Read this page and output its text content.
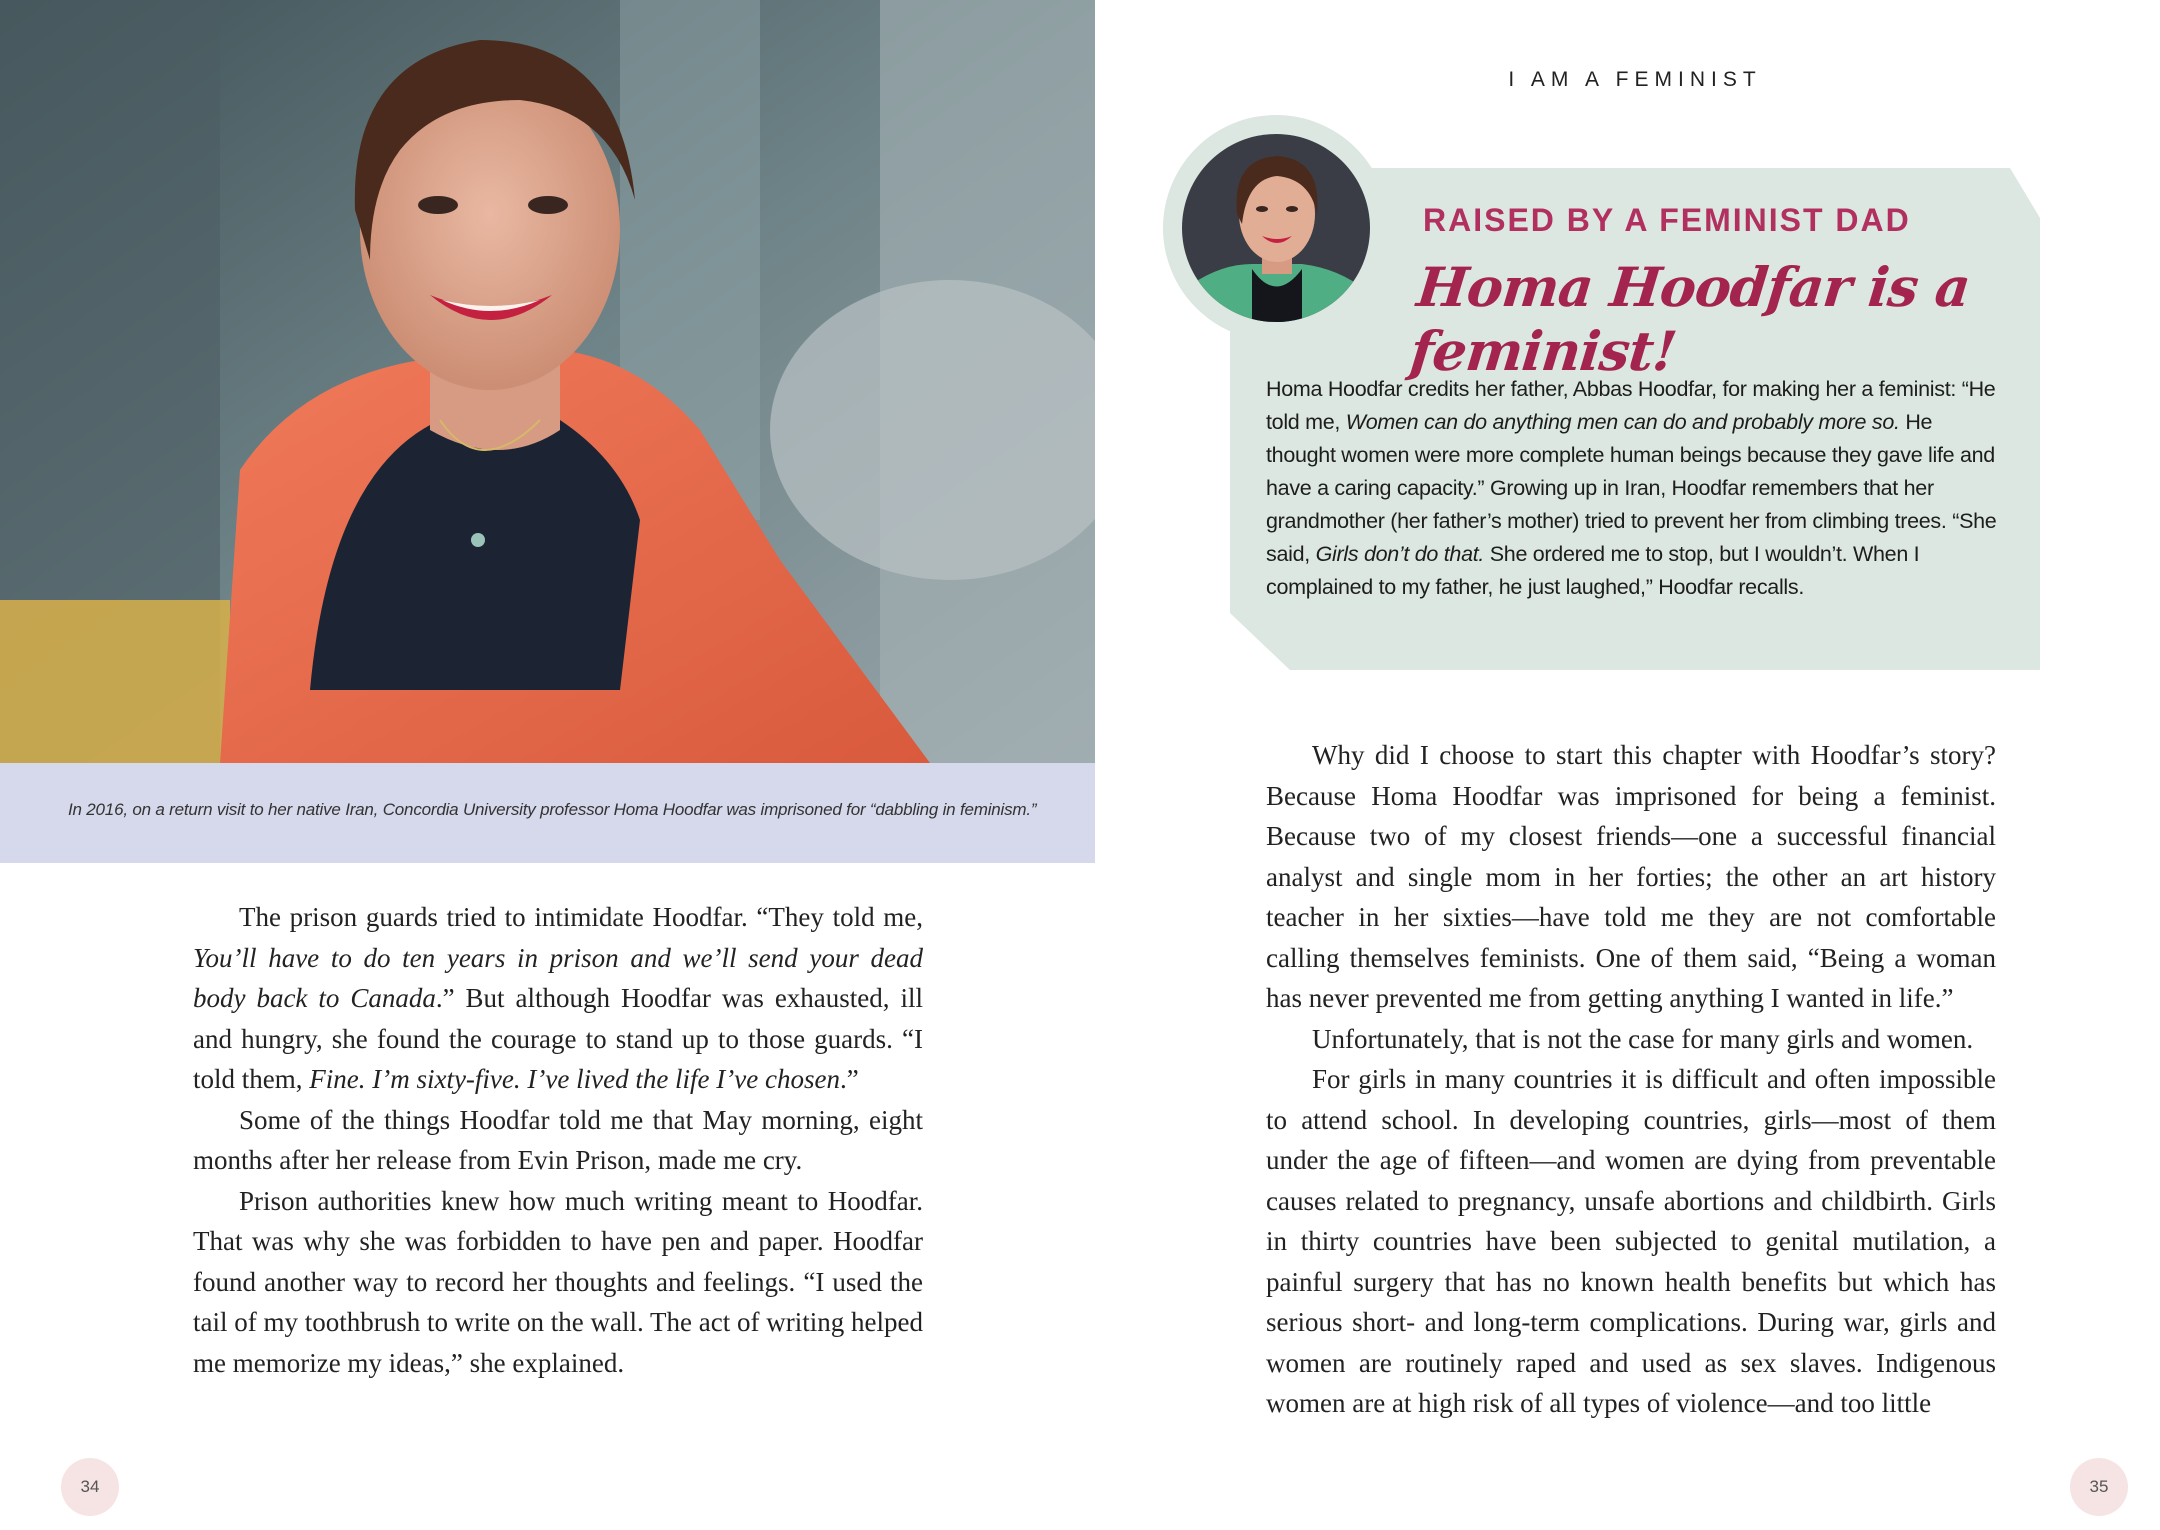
In 2016, on a return visit to her native Iran, Concordia University professor Homa Hoodfar was imprisoned for “dabbling in feminism.”

The prison guards tried to intimidate Hoodfar. “They told me, You’ll have to do ten years in prison and we’ll send your dead body back to Canada.” But although Hoodfar was exhausted, ill and hungry, she found the courage to stand up to those guards. “I told them, Fine. I’m sixty-five. I’ve lived the life I’ve chosen.”

Some of the things Hoodfar told me that May morning, eight months after her release from Evin Prison, made me cry.

Prison authorities knew how much writing meant to Hoodfar. That was why she was forbidden to have pen and paper. Hoodfar found another way to record her thoughts and feelings. “I used the tail of my toothbrush to write on the wall. The act of writing helped me memorize my ideas,” she explained.

34
I AM A FEMINIST
RAISED BY A FEMINIST DAD
Homa Hoodfar is a feminist!

Homa Hoodfar credits her father, Abbas Hoodfar, for making her a feminist: “He told me, Women can do anything men can do and probably more so. He thought women were more complete human beings because they gave life and have a caring capacity.” Growing up in Iran, Hoodfar remembers that her grandmother (her father’s mother) tried to prevent her from climbing trees. “She said, Girls don’t do that. She ordered me to stop, but I wouldn’t. When I complained to my father, he just laughed,” Hoodfar recalls.

Why did I choose to start this chapter with Hoodfar’s story? Because Homa Hoodfar was imprisoned for being a feminist. Because two of my closest friends—one a successful financial analyst and single mom in her forties; the other an art history teacher in her sixties—have told me they are not comfortable calling themselves feminists. One of them said, “Being a woman has never prevented me from getting anything I wanted in life.”

Unfortunately, that is not the case for many girls and women.

For girls in many countries it is difficult and often impossible to attend school. In developing countries, girls—most of them under the age of fifteen—and women are dying from preventable causes related to pregnancy, unsafe abortions and childbirth. Girls in thirty countries have been subjected to genital mutilation, a painful surgery that has no known health benefits but which has serious short- and long-term complications. During war, girls and women are routinely raped and used as sex slaves. Indigenous women are at high risk of all types of violence—and too little

35
